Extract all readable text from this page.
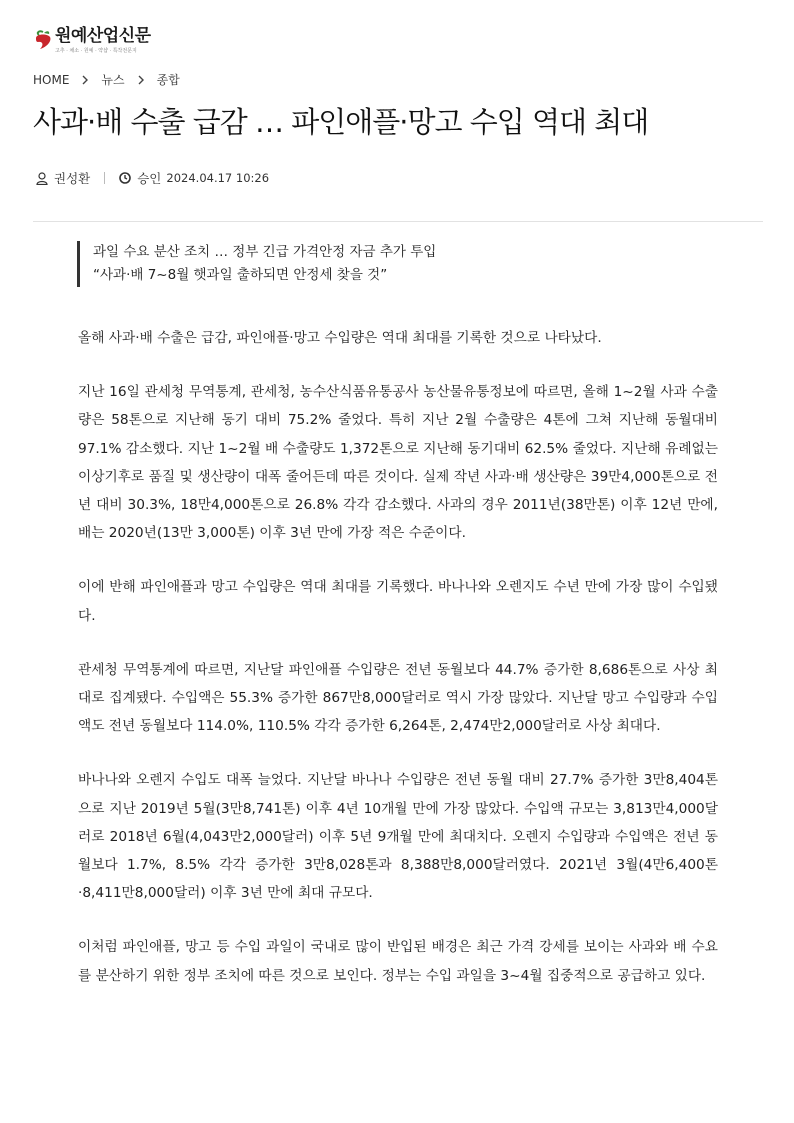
원예산업신문
고추 · 채소 · 원예 · 약샵 · 특작전문지
HOME	뉴스	종합
사과·배 수출 급감 … 파인애플·망고 수입 역대 최대
권성환	승인 2024.04.17 10:26
과일 수요 분산 조치 … 정부 긴급 가격안정 자금 추가 투입
“사과·배 7~8월 햇과일 출하되면 안정세 찾을 것”

올해 사과·배 수출은 급감, 파인애플·망고 수입량은 역대 최대를 기록한 것으로 나타났다.

지난 16일 관세청 무역통계, 관세청, 농수산식품유통공사 농산물유통정보에 따르면, 올해 1~2월 사과 수출량은 58톤으로 지난해 동기 대비 75.2% 줄었다. 특히 지난 2월 수출량은 4톤에 그쳐 지난해 동월대비 97.1% 감소했다. 지난 1~2월 배 수출량도 1,372톤으로 지난해 동기대비 62.5% 줄었다. 지난해 유례없는 이상기후로 품질 및 생산량이 대폭 줄어든데 따른 것이다. 실제 작년 사과·배 생산량은 39만4,000톤으로 전년 대비 30.3%, 18만4,000톤으로 26.8% 각각 감소했다. 사과의 경우 2011년(38만톤) 이후 12년 만에, 배는 2020년(13만 3,000톤) 이후 3년 만에 가장 적은 수준이다.

이에 반해 파인애플과 망고 수입량은 역대 최대를 기록했다. 바나나와 오렌지도 수년 만에 가장 많이 수입됐다.

관세청 무역통계에 따르면, 지난달 파인애플 수입량은 전년 동월보다 44.7% 증가한 8,686톤으로 사상 최대로 집계됐다. 수입액은 55.3% 증가한 867만8,000달러로 역시 가장 많았다. 지난달 망고 수입량과 수입액도 전년 동월보다 114.0%, 110.5% 각각 증가한 6,264톤, 2,474만2,000달러로 사상 최대다.

바나나와 오렌지 수입도 대폭 늘었다. 지난달 바나나 수입량은 전년 동월 대비 27.7% 증가한 3만8,404톤으로 지난 2019년 5월(3만8,741톤) 이후 4년 10개월 만에 가장 많았다. 수입액 규모는 3,813만4,000달러로 2018년 6월(4,043만2,000달러) 이후 5년 9개월 만에 최대치다. 오렌지 수입량과 수입액은 전년 동월보다 1.7%, 8.5% 각각 증가한 3만8,028톤과 8,388만8,000달러였다. 2021년 3월(4만6,400톤·8,411만8,000달러) 이후 3년 만에 최대 규모다.

이처럼 파인애플, 망고 등 수입 과일이 국내로 많이 반입된 배경은 최근 가격 강세를 보이는 사과와 배 수요를 분산하기 위한 정부 조치에 따른 것으로 보인다. 정부는 수입 과일을 3~4월 집중적으로 공급하고 있다.
